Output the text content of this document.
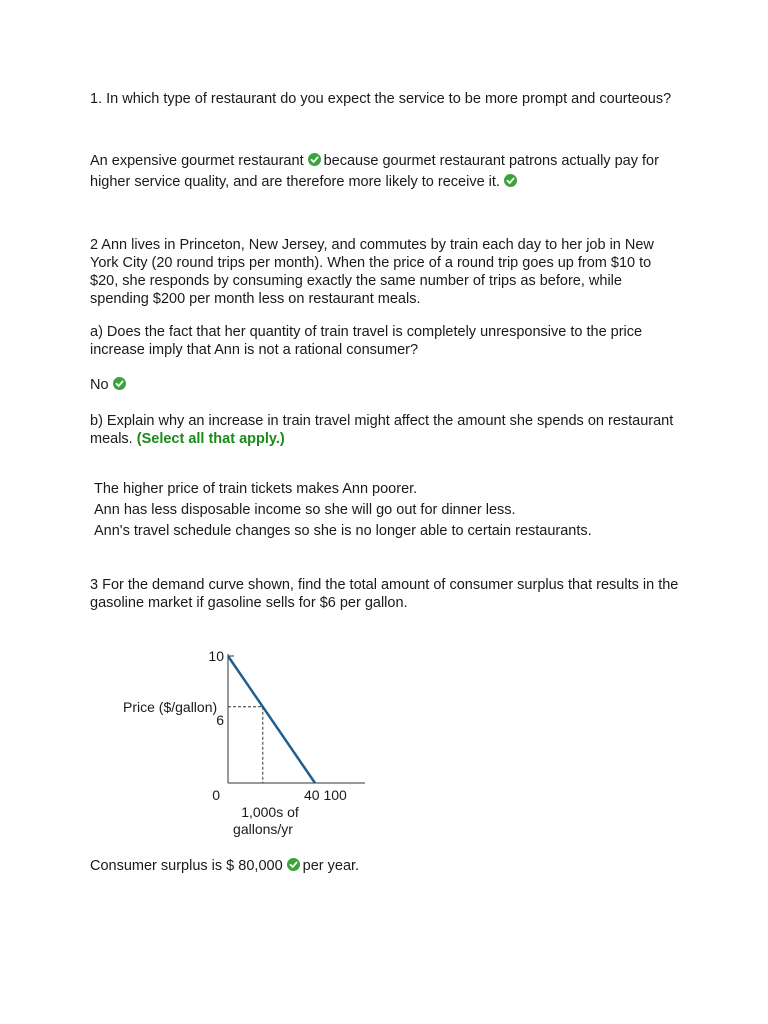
1. In which type of restaurant do you expect the service to be more prompt and courteous?

An expensive gourmet restaurant because gourmet restaurant patrons actually pay for higher service quality, and are therefore more likely to receive it.

2 Ann lives in Princeton, New Jersey, and commutes by train each day to her job in New York City (20 round trips per month). When the price of a round trip goes up from $10 to $20, she responds by consuming exactly the same number of trips as before, while spending $200 per month less on restaurant meals.

a) Does the fact that her quantity of train travel is completely unresponsive to the price increase imply that Ann is not a rational consumer?

No

b) Explain why an increase in train travel might affect the amount she spends on restaurant meals. (Select all that apply.)

The higher price of train tickets makes Ann poorer.
Ann has less disposable income so she will go out for dinner less.
Ann's travel schedule changes so she is no longer able to certain restaurants.

3 For the demand curve shown, find the total amount of consumer surplus that results in the gasoline market if gasoline sells for $6 per gallon.

10
6
0	40 100
Price ($/gallon)
1,000s of
gallons/yr

Consumer surplus is $ 80,000 per year.
